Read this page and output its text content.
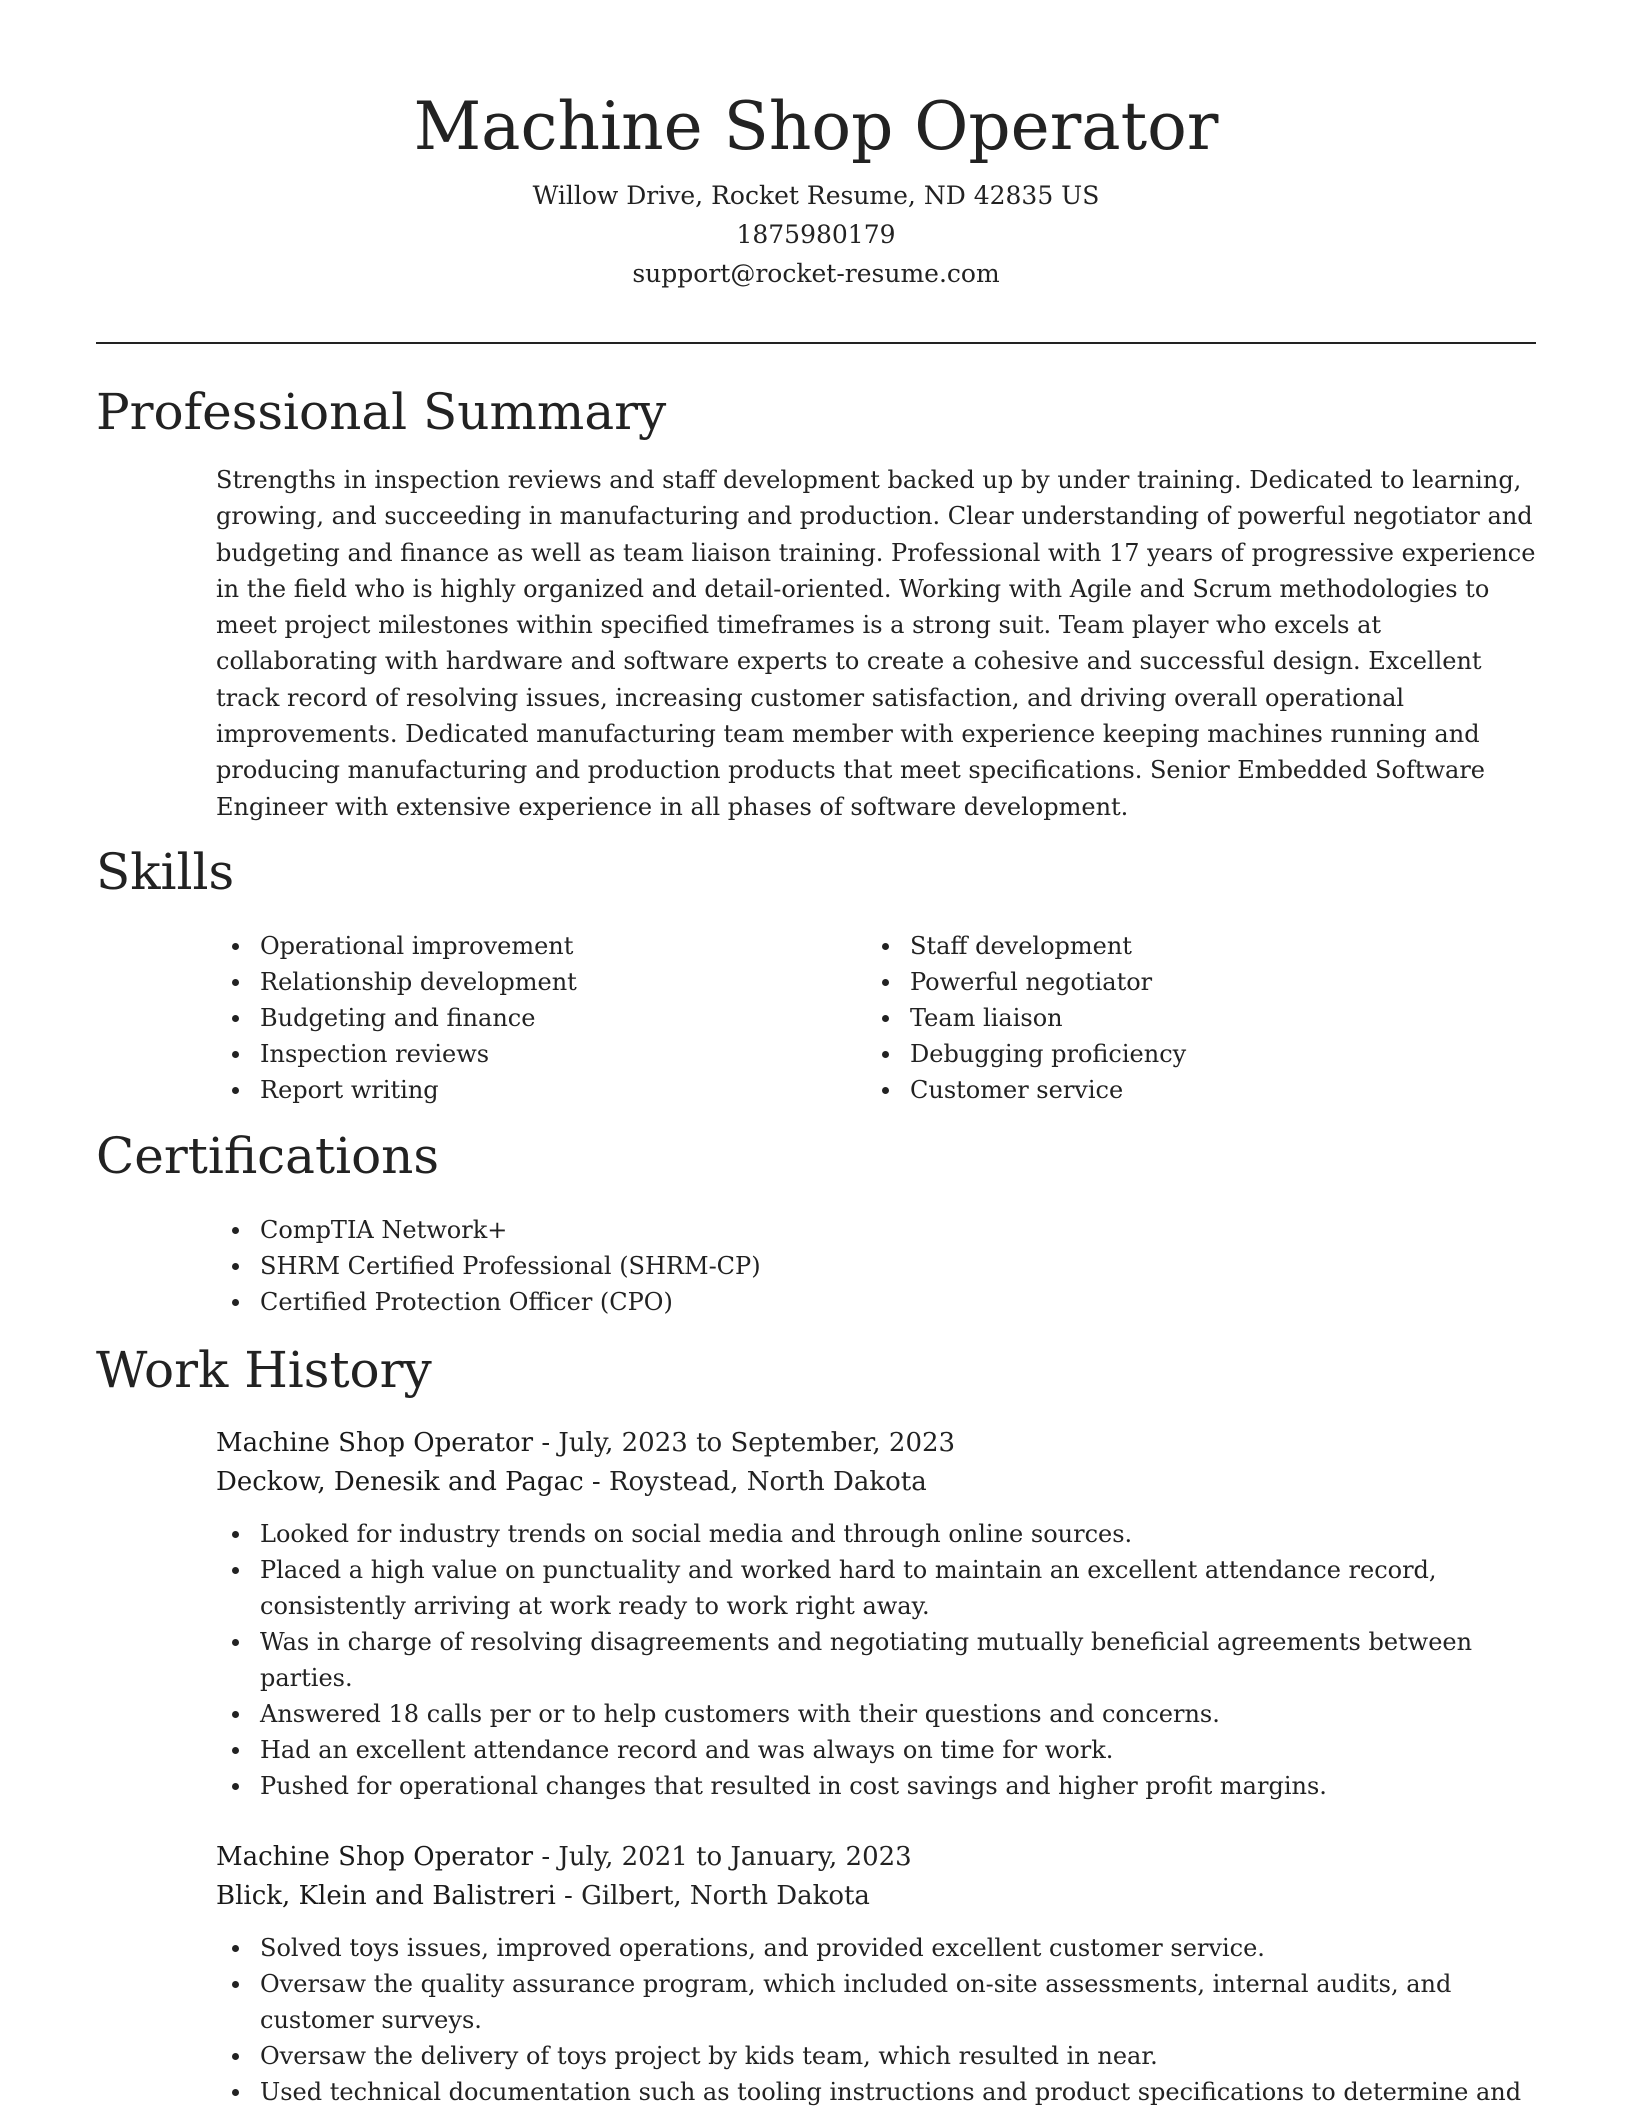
Machine Shop Operator
Willow Drive, Rocket Resume, ND 42835 US
1875980179
support@rocket-resume.com
Professional Summary

Strengths in inspection reviews and staff development backed up by under training. Dedicated to learning, growing, and succeeding in manufacturing and production. Clear understanding of powerful negotiator and budgeting and finance as well as team liaison training. Professional with 17 years of progressive experience in the field who is highly organized and detail-oriented. Working with Agile and Scrum methodologies to meet project milestones within specified timeframes is a strong suit. Team player who excels at collaborating with hardware and software experts to create a cohesive and successful design. Excellent track record of resolving issues, increasing customer satisfaction, and driving overall operational improvements. Dedicated manufacturing team member with experience keeping machines running and producing manufacturing and production products that meet specifications. Senior Embedded Software Engineer with extensive experience in all phases of software development.

Skills
Operational improvement
Relationship development
Budgeting and finance
Inspection reviews
Report writing
Staff development
Powerful negotiator
Team liaison
Debugging proficiency
Customer service
Certifications
CompTIA Network+
SHRM Certified Professional (SHRM-CP)
Certified Protection Officer (CPO)
Work History
Machine Shop Operator - July, 2023 to September, 2023
Deckow, Denesik and Pagac - Roystead, North Dakota
Looked for industry trends on social media and through online sources.
Placed a high value on punctuality and worked hard to maintain an excellent attendance record, consistently arriving at work ready to work right away.
Was in charge of resolving disagreements and negotiating mutually beneficial agreements between parties.
Answered 18 calls per or to help customers with their questions and concerns.
Had an excellent attendance record and was always on time for work.
Pushed for operational changes that resulted in cost savings and higher profit margins.
Machine Shop Operator - July, 2021 to January, 2023
Blick, Klein and Balistreri - Gilbert, North Dakota
Solved toys issues, improved operations, and provided excellent customer service.
Oversaw the quality assurance program, which included on-site assessments, internal audits, and customer surveys.
Oversaw the delivery of toys project by kids team, which resulted in near.
Used technical documentation such as tooling instructions and product specifications to determine and
